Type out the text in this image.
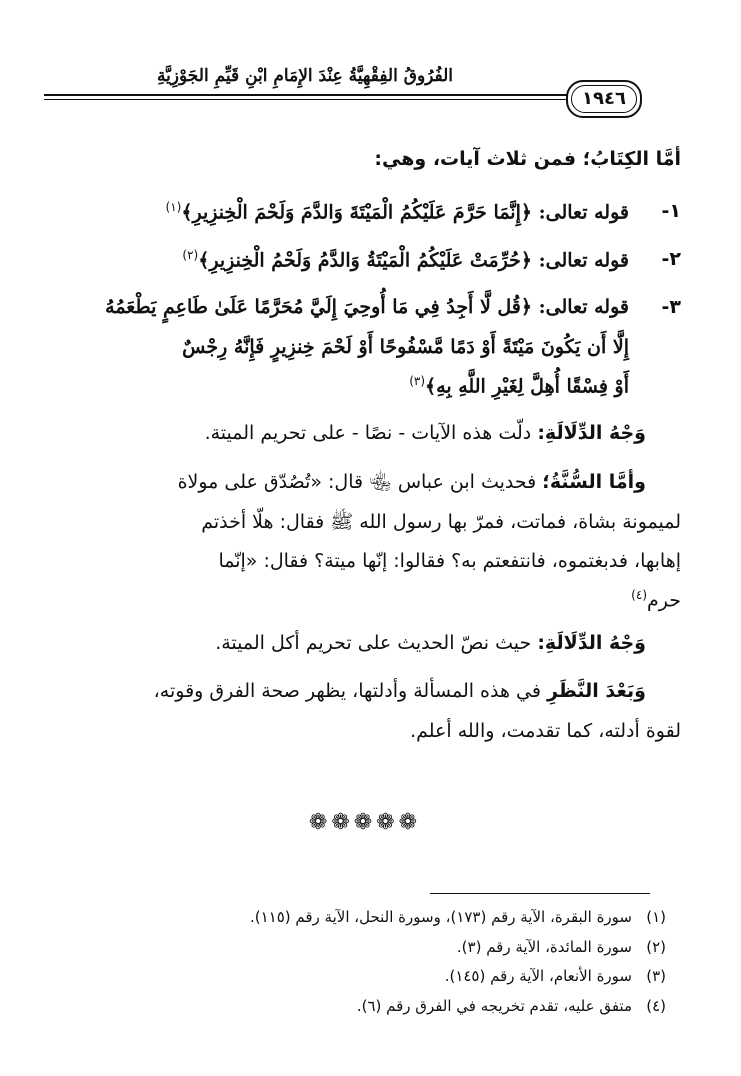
الفُرُوقُ الفِقْهِيَّةُ عِنْدَ الإِمَامِ ابْنِ قَيِّمِ الجَوْزِيَّةِ
١٩٤٦
أمَّا الكِتَابُ؛ فمن ثلاث آيات، وهي:
١-
قوله تعالى: ﴿إِنَّمَا حَرَّمَ عَلَيْكُمُ الْمَيْتَةَ وَالدَّمَ وَلَحْمَ الْخِنزِيرِ﴾$^{(١)}$
٢-
قوله تعالى: ﴿حُرِّمَتْ عَلَيْكُمُ الْمَيْتَةُ وَالدَّمُ وَلَحْمُ الْخِنزِيرِ﴾$^{(٢)}$
٣-
قوله تعالى: ﴿قُل لَّا أَجِدُ فِي مَا أُوحِيَ إِلَيَّ مُحَرَّمًا عَلَىٰ طَاعِمٍ يَطْعَمُهُ
إِلَّا أَن يَكُونَ مَيْتَةً أَوْ دَمًا مَّسْفُوحًا أَوْ لَحْمَ خِنزِيرٍ فَإِنَّهُ رِجْسٌ
أَوْ فِسْقًا أُهِلَّ لِغَيْرِ اللَّهِ بِهِ﴾$^{(٣)}$
وَجْهُ الدِّلَالَةِ: دلّت هذه الآيات - نصًا - على تحريم الميتة.
وأمَّا السُّنَّةُ؛ فحديث ابن عباس ﵄ قال: «تُصُدّق على مولاة
لميمونة بشاة، فماتت، فمرّ بها رسول الله ﷺ فقال: هلّا أخذتم
إهابها، فدبغتموه، فانتفعتم به؟ فقالوا: إنّها ميتة؟ فقال: «إنّما
حرم$^{(٤)}$
وَجْهُ الدِّلَالَةِ: حيث نصّ الحديث على تحريم أكل الميتة.
وَبَعْدَ النَّظَرِ في هذه المسألة وأدلتها، يظهر صحة الفرق وقوته،
لقوة أدلته، كما تقدمت، والله أعلم.
❁❁❁❁❁
(١)سورة البقرة، الآية رقم (١٧٣)، وسورة النحل، الآية رقم (١١٥).
(٢)سورة المائدة، الآية رقم (٣).
(٣)سورة الأنعام، الآية رقم (١٤٥).
(٤)متفق عليه، تقدم تخريجه في الفرق رقم (٦).
